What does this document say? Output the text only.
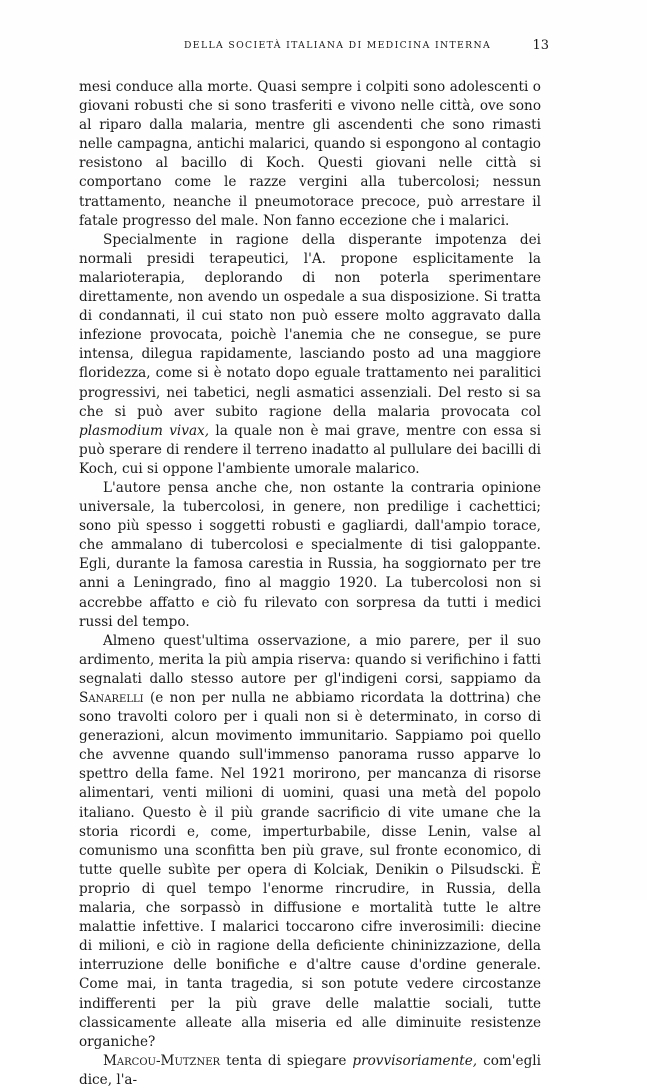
DELLA SOCIETÀ ITALIANA DI MEDICINA INTERNA	13

mesi conduce alla morte. Quasi sempre i colpiti sono adolescenti o giovani robusti che si sono trasferiti e vivono nelle città, ove sono al riparo dalla malaria, mentre gli ascendenti che sono rimasti nelle campagna, antichi malarici, quando si espongono al contagio resistono al bacillo di Koch. Questi giovani nelle città si comportano come le razze vergini alla tubercolosi; nessun trattamento, neanche il pneumotorace precoce, può arrestare il fatale progresso del male. Non fanno eccezione che i malarici.

Specialmente in ragione della disperante impotenza dei normali presidi terapeutici, l'A. propone esplicitamente la malarioterapia, deplorando di non poterla sperimentare direttamente, non avendo un ospedale a sua disposizione. Si tratta di condannati, il cui stato non può essere molto aggravato dalla infezione provocata, poichè l'anemia che ne consegue, se pure intensa, dilegua rapidamente, lasciando posto ad una maggiore floridezza, come si è notato dopo eguale trattamento nei paralitici progressivi, nei tabetici, negli asmatici assenziali. Del resto si sa che si può aver subito ragione della malaria provocata col plasmodium vivax, la quale non è mai grave, mentre con essa si può sperare di rendere il terreno inadatto al pullulare dei bacilli di Koch, cui si oppone l'ambiente umorale malarico.

L'autore pensa anche che, non ostante la contraria opinione universale, la tubercolosi, in genere, non predilige i cachettici; sono più spesso i soggetti robusti e gagliardi, dall'ampio torace, che ammalano di tubercolosi e specialmente di tisi galoppante. Egli, durante la famosa carestia in Russia, ha soggiornato per tre anni a Leningrado, fino al maggio 1920. La tubercolosi non si accrebbe affatto e ciò fu rilevato con sorpresa da tutti i medici russi del tempo.

Almeno quest'ultima osservazione, a mio parere, per il suo ardimento, merita la più ampia riserva: quando si verifichino i fatti segnalati dallo stesso autore per gl'indigeni corsi, sappiamo da Sanarelli (e non per nulla ne abbiamo ricordata la dottrina) che sono travolti coloro per i quali non si è determinato, in corso di generazioni, alcun movimento immunitario. Sappiamo poi quello che avvenne quando sull'immenso panorama russo apparve lo spettro della fame. Nel 1921 morirono, per mancanza di risorse alimentari, venti milioni di uomini, quasi una metà del popolo italiano. Questo è il più grande sacrificio di vite umane che la storia ricordi e, come, imperturbabile, disse Lenin, valse al comunismo una sconfitta ben più grave, sul fronte economico, di tutte quelle subìte per opera di Kolciak, Denikin o Pilsudscki. È proprio di quel tempo l'enorme rincrudire, in Russia, della malaria, che sorpassò in diffusione e mortalità tutte le altre malattie infettive. I malarici toccarono cifre inverosimili: diecine di milioni, e ciò in ragione della deficiente chininizzazione, della interruzione delle bonifiche e d'altre cause d'ordine generale. Come mai, in tanta tragedia, si son potute vedere circostanze indifferenti per la più grave delle malattie sociali, tutte classicamente alleate alla miseria ed alle diminuite resistenze organiche?

Marcou-Mutzner tenta di spiegare provvisoriamente, com'egli dice, l'a-
